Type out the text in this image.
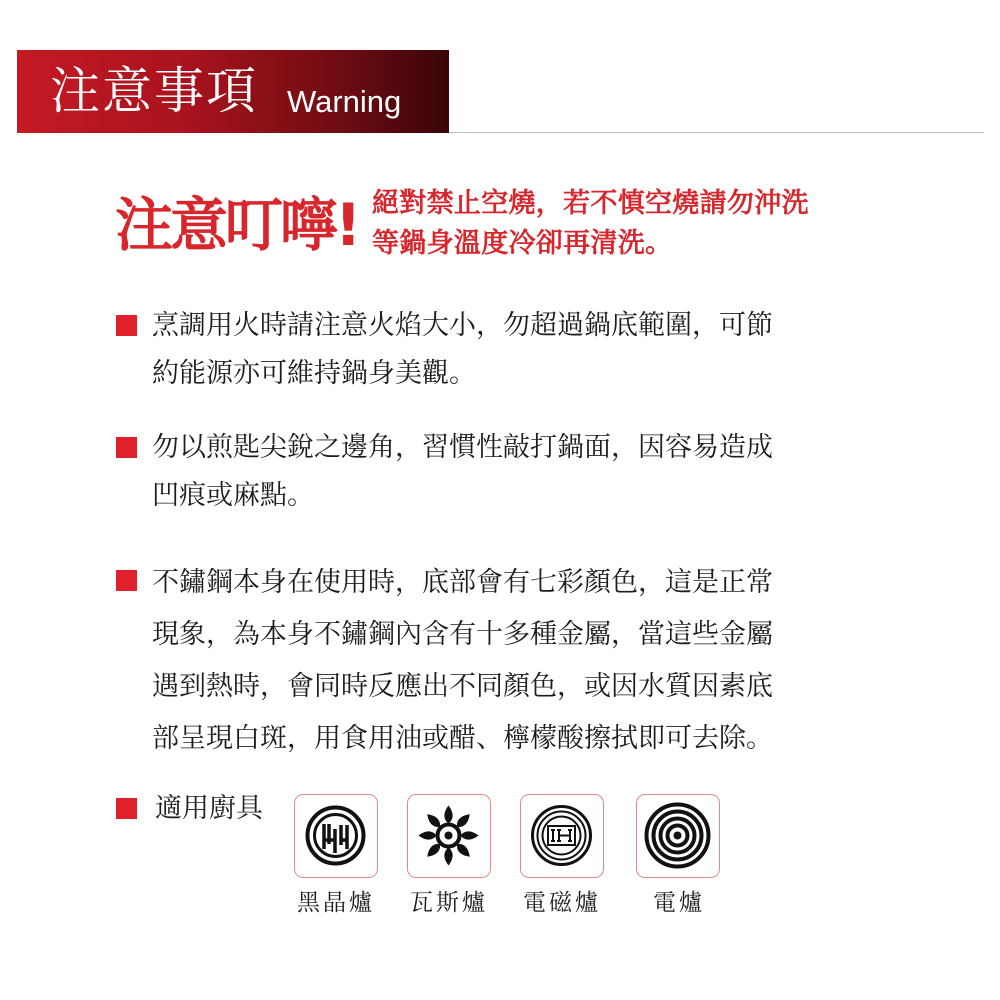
注意事項 Warning
注意叮嚀! 絕對禁止空燒，若不慎空燒請勿沖洗
等鍋身溫度冷卻再清洗。
烹調用火時請注意火焰大小，勿超過鍋底範圍，可節
約能源亦可維持鍋身美觀。
勿以煎匙尖銳之邊角，習慣性敲打鍋面，因容易造成
凹痕或麻點。
不鏽鋼本身在使用時，底部會有七彩顏色，這是正常
現象，為本身不鏽鋼內含有十多種金屬，當這些金屬
遇到熱時，會同時反應出不同顏色，或因水質因素底
部呈現白斑，用食用油或醋、檸檬酸擦拭即可去除。
適用廚具
黑晶爐 瓦斯爐 電磁爐 電爐
